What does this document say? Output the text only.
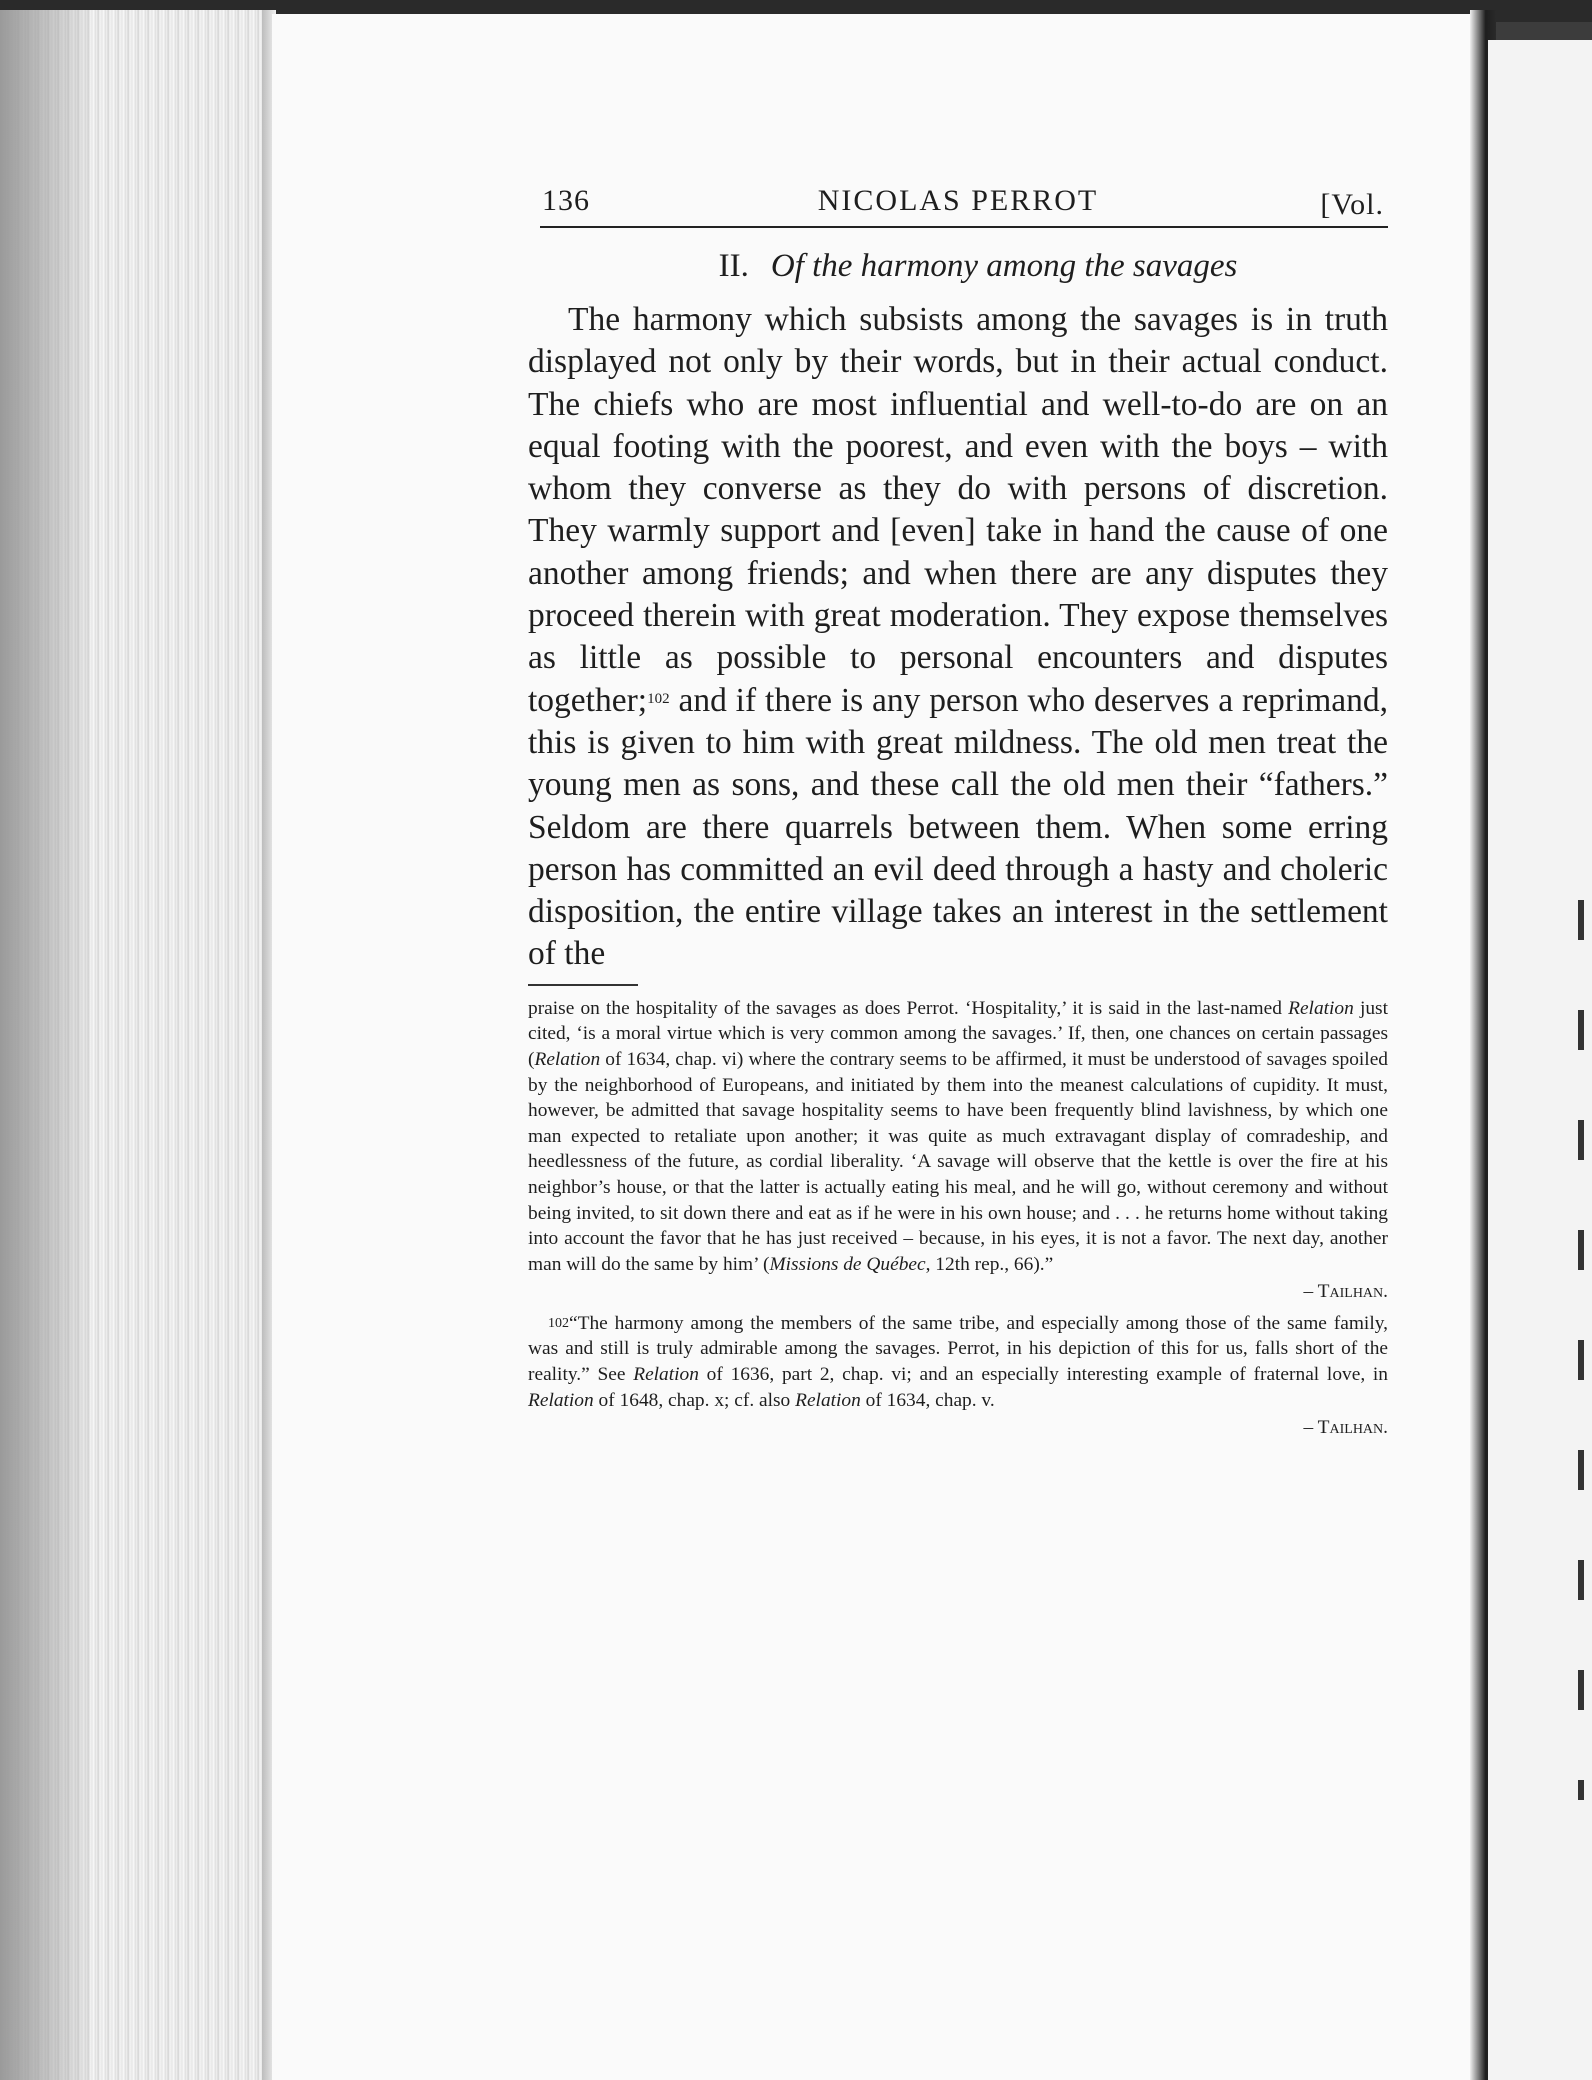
136	NICOLAS PERROT	[Vol.
II. Of the harmony among the savages

The harmony which subsists among the savages is in truth displayed not only by their words, but in their actual conduct. The chiefs who are most influential and well-to-do are on an equal footing with the poorest, and even with the boys – with whom they converse as they do with persons of discretion. They warmly support and [even] take in hand the cause of one another among friends; and when there are any disputes they proceed therein with great moderation. They expose themselves as little as possible to personal encounters and disputes together;$^{102}$ and if there is any person who deserves a reprimand, this is given to him with great mildness. The old men treat the young men as sons, and these call the old men their “fathers.” Seldom are there quarrels between them. When some erring person has committed an evil deed through a hasty and choleric disposition, the entire village takes an interest in the settlement of the

praise on the hospitality of the savages as does Perrot. ‘Hospitality,’ it is said in the last-named Relation just cited, ‘is a moral virtue which is very common among the savages.’ If, then, one chances on certain passages (Relation of 1634, chap. vi) where the contrary seems to be affirmed, it must be understood of savages spoiled by the neighborhood of Europeans, and initiated by them into the meanest calculations of cupidity. It must, however, be admitted that savage hospitality seems to have been frequently blind lavishness, by which one man expected to retaliate upon another; it was quite as much extravagant display of comradeship, and heedlessness of the future, as cordial liberality. ‘A savage will observe that the kettle is over the fire at his neighbor’s house, or that the latter is actually eating his meal, and he will go, without ceremony and without being invited, to sit down there and eat as if he were in his own house; and . . . he returns home without taking into account the favor that he has just received – because, in his eyes, it is not a favor. The next day, another man will do the same by him’ (Missions de Québec, 12th rep., 66).”

– Tailhan.

$^{102}$“The harmony among the members of the same tribe, and especially among those of the same family, was and still is truly admirable among the savages. Perrot, in his depiction of this for us, falls short of the reality.” See Relation of 1636, part 2, chap. vi; and an especially interesting example of fraternal love, in Relation of 1648, chap. x; cf. also Relation of 1634, chap. v.

– Tailhan.
